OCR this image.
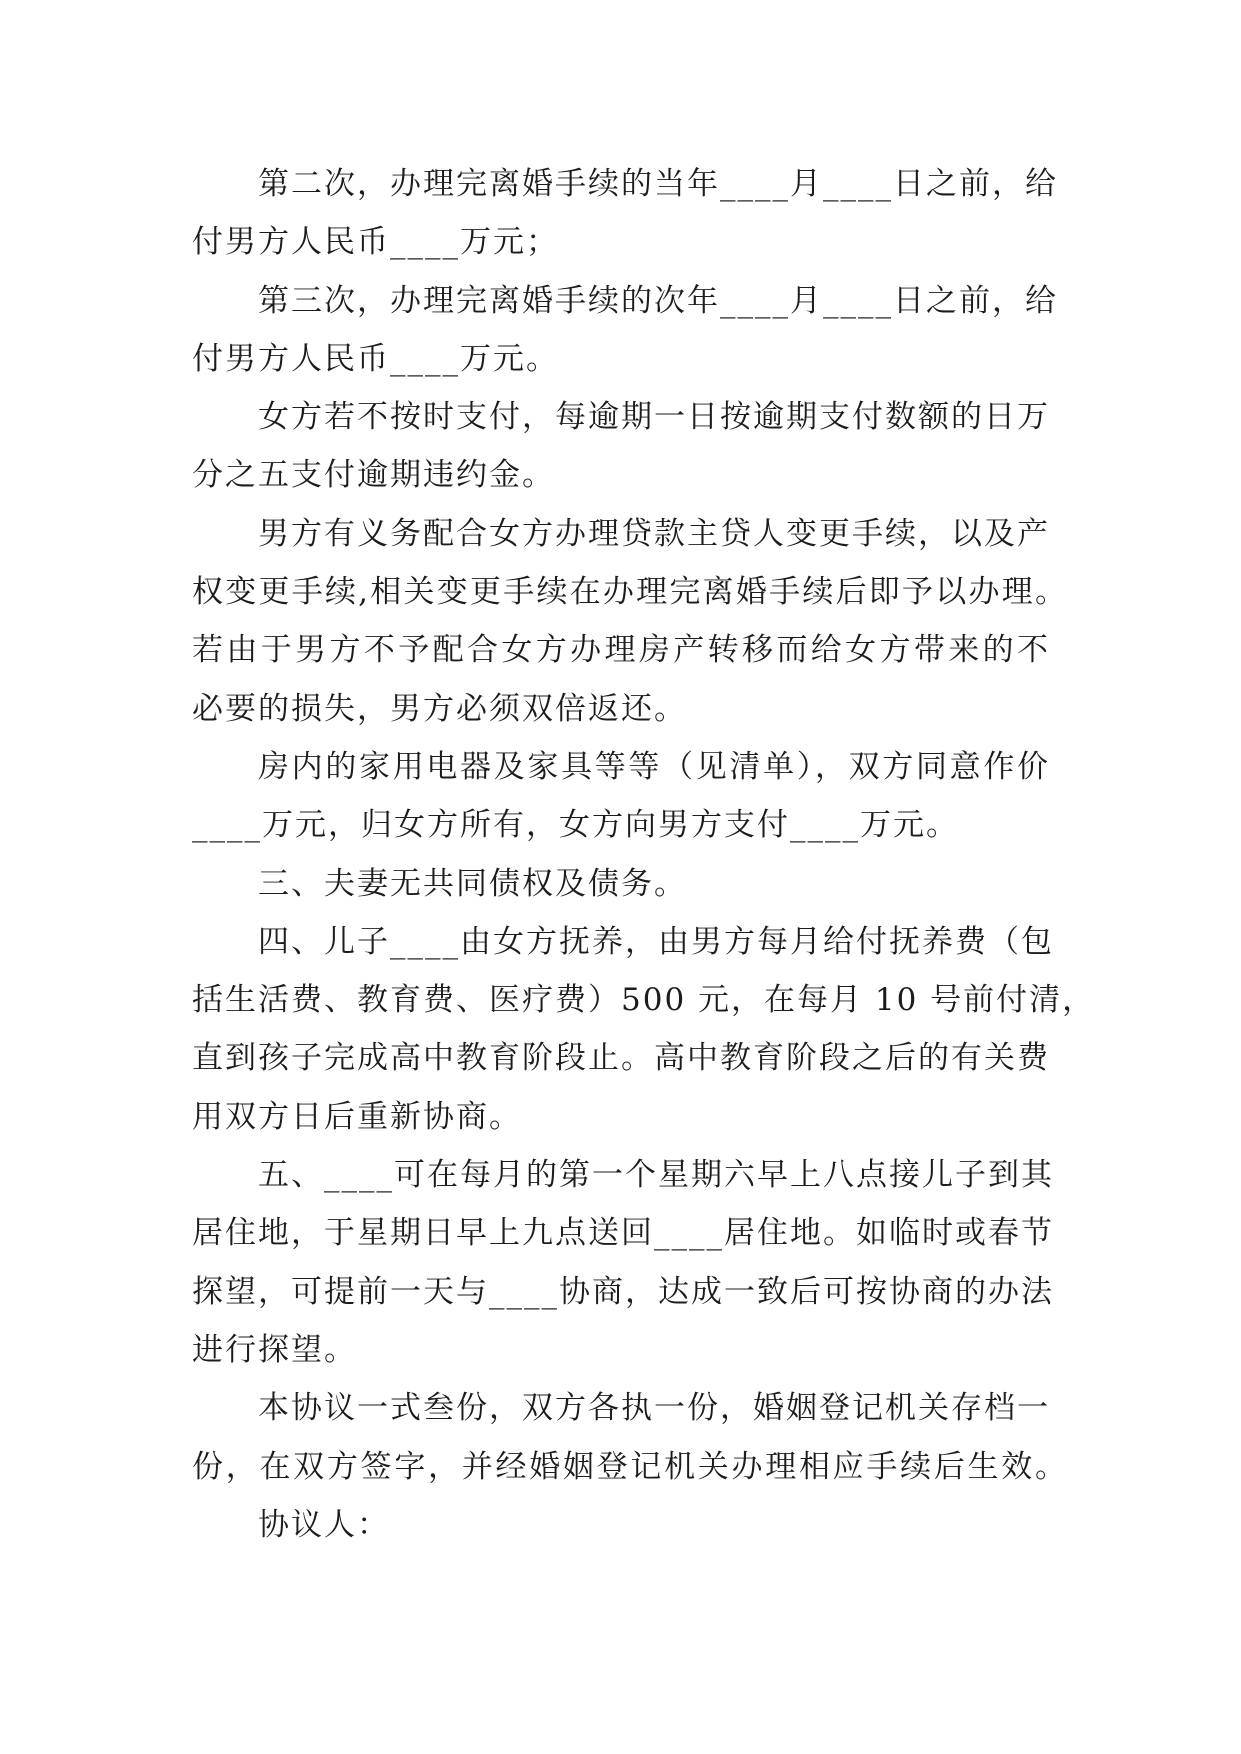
第二次，办理完离婚手续的当年____月____日之前，给
付男方人民币____万元；
第三次，办理完离婚手续的次年____月____日之前，给
付男方人民币____万元。
女方若不按时支付，每逾期一日按逾期支付数额的日万
分之五支付逾期违约金。
男方有义务配合女方办理贷款主贷人变更手续，以及产
权变更手续,相关变更手续在办理完离婚手续后即予以办理。
若由于男方不予配合女方办理房产转移而给女方带来的不
必要的损失，男方必须双倍返还。
房内的家用电器及家具等等（见清单），双方同意作价
____万元，归女方所有，女方向男方支付____万元。
三、夫妻无共同债权及债务。
四、儿子____由女方抚养，由男方每月给付抚养费（包
括生活费、教育费、医疗费）500 元，在每月 10 号前付清，
直到孩子完成高中教育阶段止。高中教育阶段之后的有关费
用双方日后重新协商。
五、____可在每月的第一个星期六早上八点接儿子到其
居住地，于星期日早上九点送回____居住地。如临时或春节
探望，可提前一天与____协商，达成一致后可按协商的办法
进行探望。
本协议一式叁份，双方各执一份，婚姻登记机关存档一
份，在双方签字，并经婚姻登记机关办理相应手续后生效。
协议人：
